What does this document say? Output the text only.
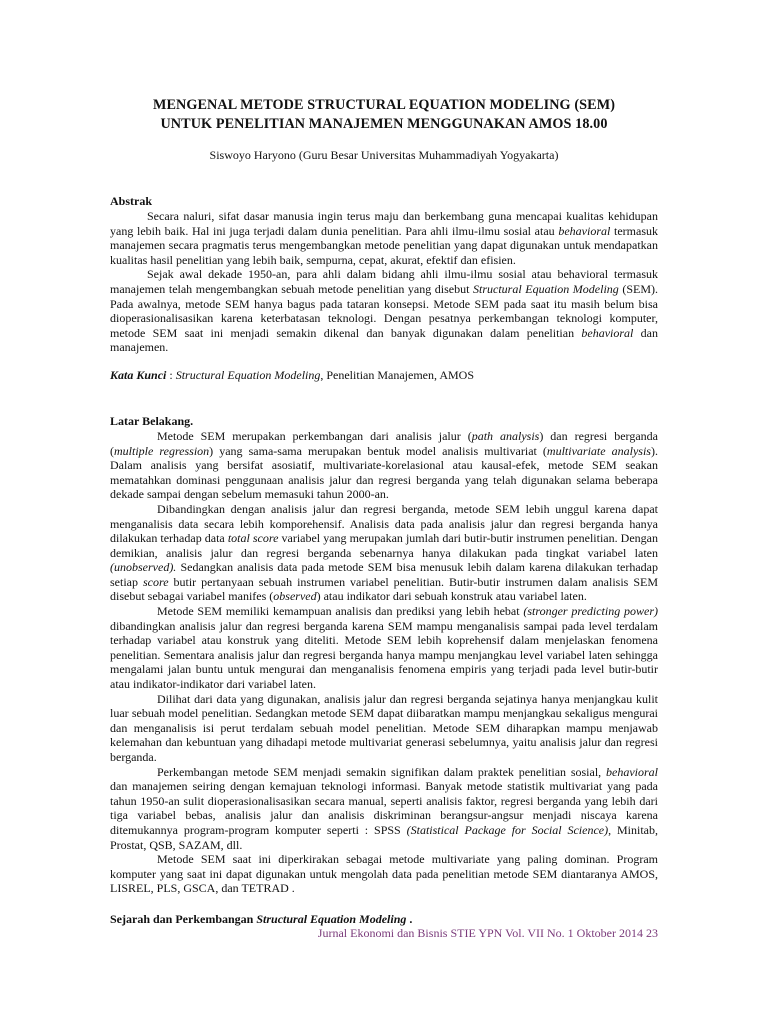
MENGENAL METODE STRUCTURAL EQUATION MODELING (SEM)
UNTUK PENELITIAN MANAJEMEN MENGGUNAKAN AMOS 18.00
Siswoyo Haryono (Guru Besar Universitas Muhammadiyah Yogyakarta)
Abstrak

Secara naluri, sifat dasar manusia ingin terus maju dan berkembang guna mencapai kualitas kehidupan yang lebih baik. Hal ini juga terjadi dalam dunia penelitian. Para ahli ilmu-ilmu sosial atau behavioral termasuk manajemen secara pragmatis terus mengembangkan metode penelitian yang dapat digunakan untuk mendapatkan kualitas hasil penelitian yang lebih baik, sempurna, cepat, akurat, efektif dan efisien.

Sejak awal dekade 1950-an, para ahli dalam bidang ahli ilmu-ilmu sosial atau behavioral termasuk manajemen telah mengembangkan sebuah metode penelitian yang disebut Structural Equation Modeling (SEM). Pada awalnya, metode SEM hanya bagus pada tataran konsepsi. Metode SEM pada saat itu masih belum bisa dioperasionalisasikan karena keterbatasan teknologi. Dengan pesatnya perkembangan teknologi komputer, metode SEM saat ini menjadi semakin dikenal dan banyak digunakan dalam penelitian behavioral dan manajemen.

Kata Kunci : Structural Equation Modeling, Penelitian Manajemen, AMOS
Latar Belakang.

Metode SEM merupakan perkembangan dari analisis jalur (path analysis) dan regresi berganda (multiple regression) yang sama-sama merupakan bentuk model analisis multivariat (multivariate analysis). Dalam analisis yang bersifat asosiatif, multivariate-korelasional atau kausal-efek, metode SEM seakan mematahkan dominasi penggunaan analisis jalur dan regresi berganda yang telah digunakan selama beberapa dekade sampai dengan sebelum memasuki tahun 2000-an.

Dibandingkan dengan analisis jalur dan regresi berganda, metode SEM lebih unggul karena dapat menganalisis data secara lebih komporehensif. Analisis data pada analisis jalur dan regresi berganda hanya dilakukan terhadap data total score variabel yang merupakan jumlah dari butir-butir instrumen penelitian. Dengan demikian, analisis jalur dan regresi berganda sebenarnya hanya dilakukan pada tingkat variabel laten (unobserved). Sedangkan analisis data pada metode SEM bisa menusuk lebih dalam karena dilakukan terhadap setiap score butir pertanyaan sebuah instrumen variabel penelitian. Butir-butir instrumen dalam analisis SEM disebut sebagai variabel manifes (observed) atau indikator dari sebuah konstruk atau variabel laten.

Metode SEM memiliki kemampuan analisis dan prediksi yang lebih hebat (stronger predicting power) dibandingkan analisis jalur dan regresi berganda karena SEM mampu menganalisis sampai pada level terdalam terhadap variabel atau konstruk yang diteliti. Metode SEM lebih koprehensif dalam menjelaskan fenomena penelitian. Sementara analisis jalur dan regresi berganda hanya mampu menjangkau level variabel laten sehingga mengalami jalan buntu untuk mengurai dan menganalisis fenomena empiris yang terjadi pada level butir-butir atau indikator-indikator dari variabel laten.

Dilihat dari data yang digunakan, analisis jalur dan regresi berganda sejatinya hanya menjangkau kulit luar sebuah model penelitian. Sedangkan metode SEM dapat diibaratkan mampu menjangkau sekaligus mengurai dan menganalisis isi perut terdalam sebuah model penelitian. Metode SEM diharapkan mampu menjawab kelemahan dan kebuntuan yang dihadapi metode multivariat generasi sebelumnya, yaitu analisis jalur dan regresi berganda.

Perkembangan metode SEM menjadi semakin signifikan dalam praktek penelitian sosial, behavioral dan manajemen seiring dengan kemajuan teknologi informasi. Banyak metode statistik multivariat yang pada tahun 1950-an sulit dioperasionalisasikan secara manual, seperti analisis faktor, regresi berganda yang lebih dari tiga variabel bebas, analisis jalur dan analisis diskriminan berangsur-angsur menjadi niscaya karena ditemukannya program-program komputer seperti : SPSS (Statistical Package for Social Science), Minitab, Prostat, QSB, SAZAM, dll.

Metode SEM saat ini diperkirakan sebagai metode multivariate yang paling dominan. Program komputer yang saat ini dapat digunakan untuk mengolah data pada penelitian metode SEM diantaranya AMOS, LISREL, PLS, GSCA, dan TETRAD .

Sejarah dan Perkembangan Structural Equation Modeling .
Jurnal Ekonomi dan Bisnis STIE YPN Vol. VII No. 1 Oktober 2014 23
